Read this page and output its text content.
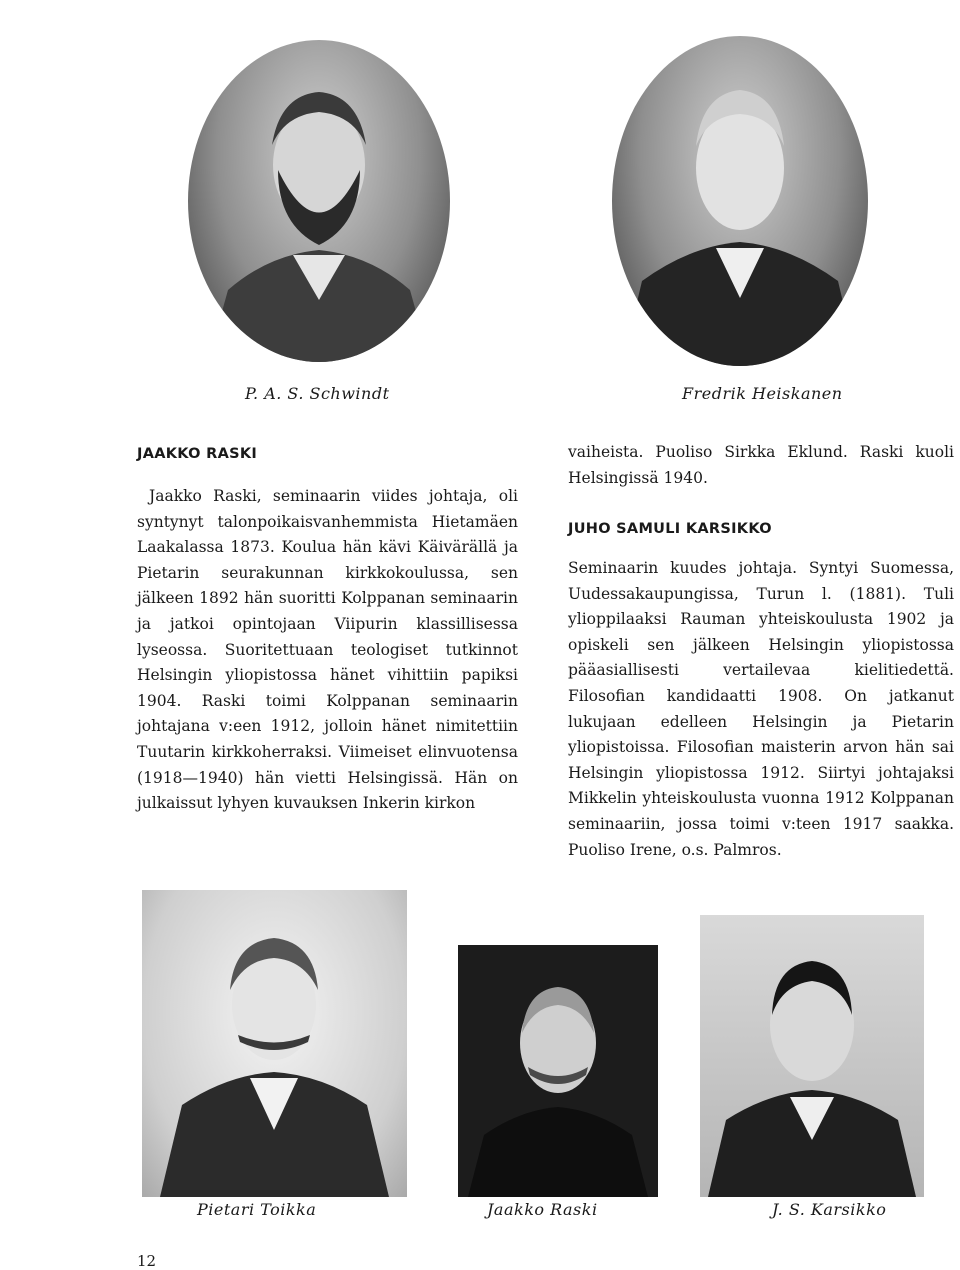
P. A. S. Schwindt	Fredrik Heiskanen
JAAKKO RASKI

Jaakko Raski, seminaarin viides johtaja, oli syntynyt talonpoikaisvanhemmista Hietamäen Laakalassa 1873. Koulua hän kävi Käivärällä ja Pietarin seurakunnan kirkkokoulussa, sen jälkeen 1892 hän suoritti Kolppanan seminaarin ja jatkoi opintojaan Viipurin klassillisessa lyseossa. Suoritettuaan teologiset tutkinnot Helsingin yliopistossa hänet vihittiin papiksi 1904. Raski toimi Kolppanan seminaarin johtajana v:een 1912, jolloin hänet nimitettiin Tuutarin kirkkoherraksi. Viimeiset elinvuotensa (1918—1940) hän vietti Helsingissä. Hän on julkaissut lyhyen kuvauksen Inkerin kirkon

vaiheista. Puoliso Sirkka Eklund. Raski kuoli Helsingissä 1940.

JUHO SAMULI KARSIKKO

Seminaarin kuudes johtaja. Syntyi Suomessa, Uudessakaupungissa, Turun l. (1881). Tuli ylioppilaaksi Rauman yhteiskoulusta 1902 ja opiskeli sen jälkeen Helsingin yliopistossa pääasiallisesti vertailevaa kielitiedettä. Filosofian kandidaatti 1908. On jatkanut lukujaan edelleen Helsingin ja Pietarin yliopistoissa. Filosofian maisterin arvon hän sai Helsingin yliopistossa 1912. Siirtyi johtajaksi Mikkelin yhteiskoulusta vuonna 1912 Kolppanan seminaariin, jossa toimi v:teen 1917 saakka. Puoliso Irene, o.s. Palmros.

Pietari Toikka	Jaakko Raski	J. S. Karsikko
12
